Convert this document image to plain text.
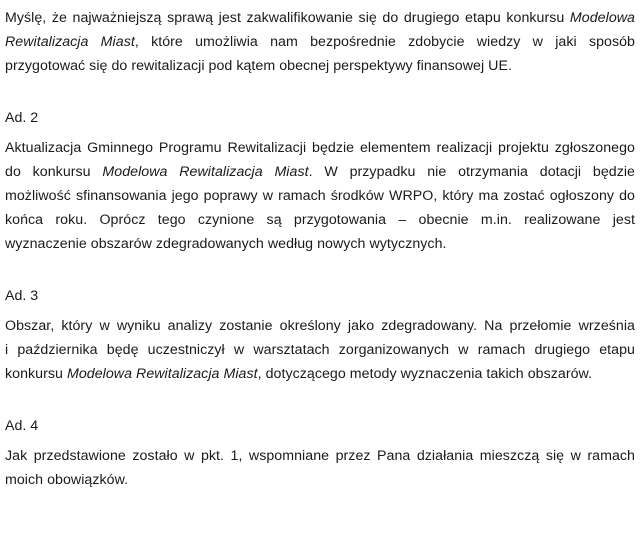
Myślę, że najważniejszą sprawą jest zakwalifikowanie się do drugiego etapu konkursu Modelowa
Rewitalizacja Miast, które umożliwia nam bezpośrednie zdobycie wiedzy w jaki sposób
przygotować się do rewitalizacji pod kątem obecnej perspektywy finansowej UE.
Ad. 2
Aktualizacja Gminnego Programu Rewitalizacji będzie elementem realizacji projektu zgłoszonego
do konkursu Modelowa Rewitalizacja Miast. W przypadku nie otrzymania dotacji będzie
możliwość sfinansowania jego poprawy w ramach środków WRPO, który ma zostać ogłoszony do
końca roku. Oprócz tego czynione są przygotowania – obecnie m.in. realizowane jest
wyznaczenie obszarów zdegradowanych według nowych wytycznych.
Ad. 3
Obszar, który w wyniku analizy zostanie określony jako zdegradowany. Na przełomie września
i października będę uczestniczył w warsztatach zorganizowanych w ramach drugiego etapu
konkursu Modelowa Rewitalizacja Miast, dotyczącego metody wyznaczenia takich obszarów.
Ad. 4
Jak przedstawione zostało w pkt. 1, wspomniane przez Pana działania mieszczą się w ramach
moich obowiązków.
